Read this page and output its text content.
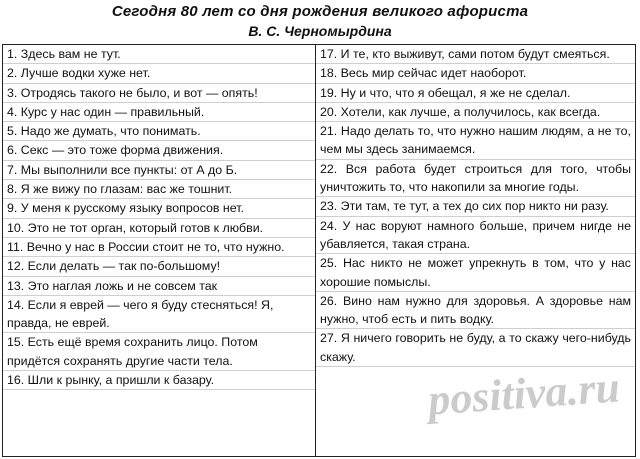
Сегодня 80 лет со дня рождения великого афориста
В. С. Черномырдина
1. Здесь вам не тут.
2. Лучше водки хуже нет.
3. Отродясь такого не было, и вот — опять!
4. Курс у нас один — правильный.
5. Надо же думать, что понимать.
6. Секс — это тоже форма движения.
7. Мы выполнили все пункты: от А до Б.
8. Я же вижу по глазам: вас же тошнит.
9. У меня к русскому языку вопросов нет.
10. Это не тот орган, который готов к любви.
11. Вечно у нас в России стоит не то, что нужно.
12. Если делать — так по-большому!
13. Это наглая ложь и не совсем так
14. Если я еврей — чего я буду стесняться! Я, правда, не еврей.
15. Есть ещё время сохранить лицо. Потом придётся сохранять другие части тела.
16. Шли к рынку, а пришли к базару.
17. И те, кто выживут, сами потом будут смеяться.
18. Весь мир сейчас идет наоборот.
19. Ну и что, что я обещал, я же не сделал.
20. Хотели, как лучше, а получилось, как всегда.
21. Надо делать то, что нужно нашим людям, а не то, чем мы здесь занимаемся.
22. Вся работа будет строиться для того, чтобы уничтожить то, что накопили за многие годы.
23. Эти там, те тут, а тех до сих пор никто ни разу.
24. У нас воруют намного больше, причем нигде не убавляется, такая страна.
25. Нас никто не может упрекнуть в том, что у нас хорошие помыслы.
26. Вино нам нужно для здоровья. А здоровье нам нужно, чтоб есть и пить водку.
27. Я ничего говорить не буду, а то скажу чего-нибудь скажу.
positiva.ru
